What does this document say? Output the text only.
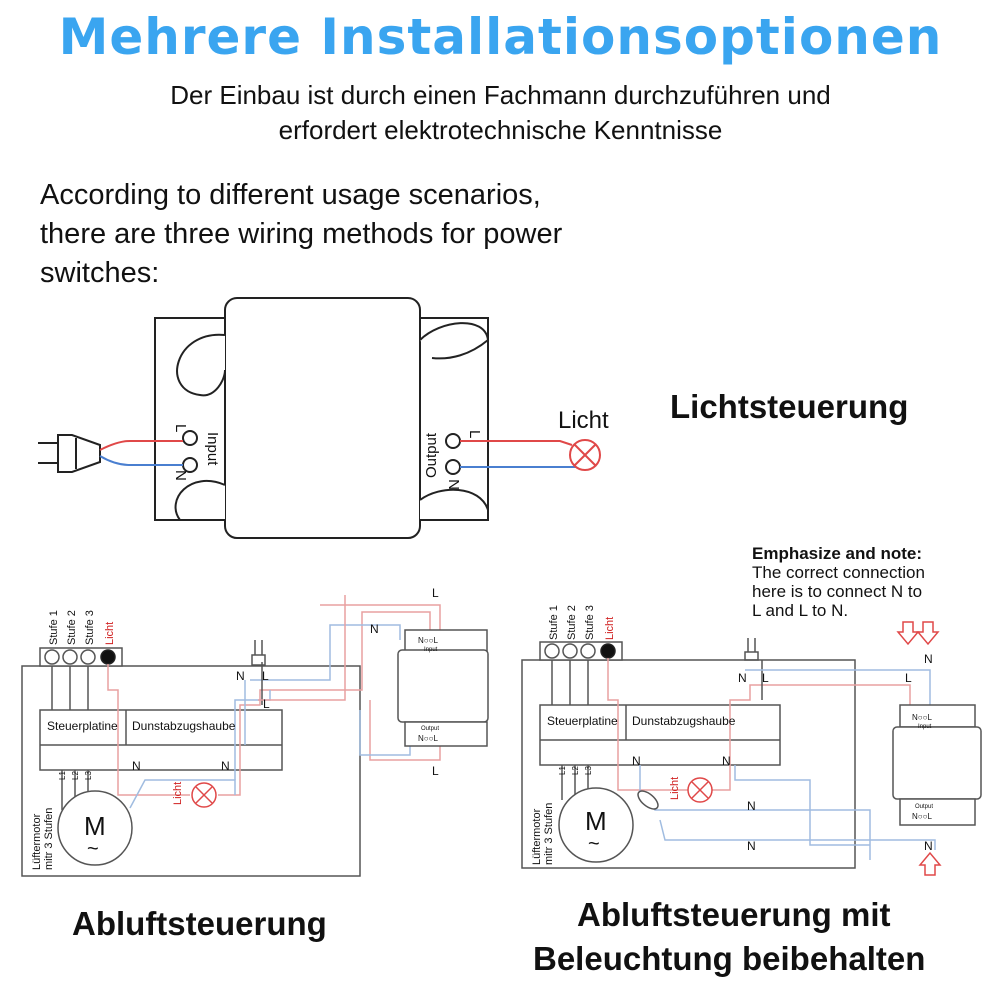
Mehrere Installationsoptionen
Der Einbau ist durch einen Fachmann durchzuführen und
erfordert elektrotechnische Kenntnisse
According to different usage scenarios,
there are three wiring methods for power
switches:
Lichtsteuerung
Abluftsteuerung	Abluftsteuerung mit
Beleuchtung beibehalten
Emphasize and note:
The correct connection
here is to connect N to
L and L to N.
Input
L
N	Output L
N
Licht
Stufe 1 Stufe 2 Stufe 3 Licht
Steuerplatine Dunstabzugshaube
L1 L2 L3
M
~
Lüftermotor mitr 3 Stufen
Licht
N L
L
N	N
N
L
L
N○○L
Input
Output
N○○L
Stufe 1 Stufe 2 Stufe 3 Licht
Steuerplatine Dunstabzugshaube
L1 L2 L3
M
~
Lüftermotor mitr 3 Stufen
Licht
N L	L
N	N
N
N
N
N
N○○L
Input
Output
N○○L
